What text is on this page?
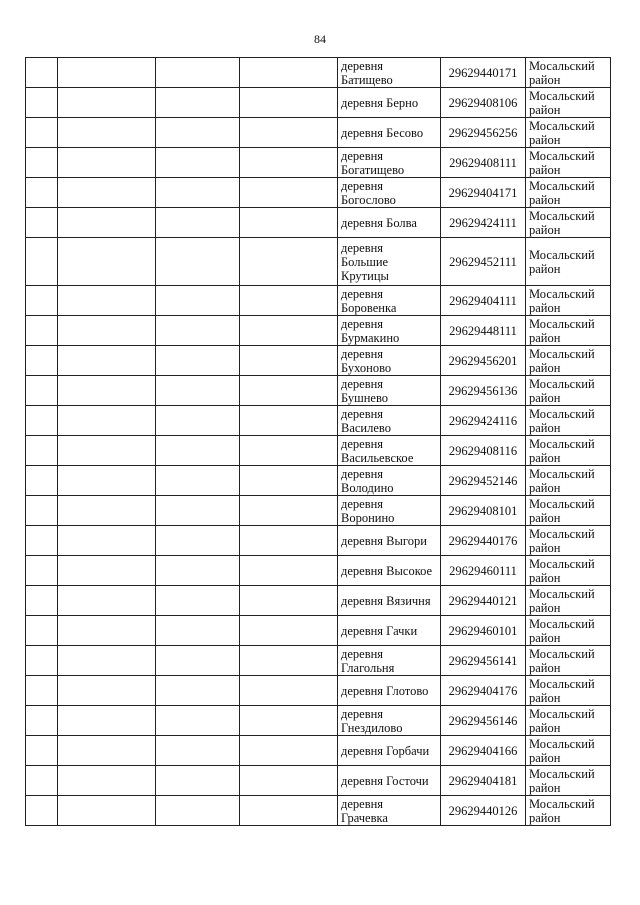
84

				деревня
Батищево	29629440171	Мосальский
район

				деревня Берно	29629408106	Мосальский
район

				деревня Бесово	29629456256	Мосальский
район

				деревня
Богатищево	29629408111	Мосальский
район

				деревня
Богослово	29629404171	Мосальский
район

				деревня Болва	29629424111	Мосальский
район

				деревня
Большие
Крутицы	29629452111	Мосальский
район

				деревня
Боровенка	29629404111	Мосальский
район

				деревня
Бурмакино	29629448111	Мосальский
район

				деревня
Бухоново	29629456201	Мосальский
район

				деревня
Бушнево	29629456136	Мосальский
район

				деревня
Василево	29629424116	Мосальский
район

				деревня
Васильевское	29629408116	Мосальский
район

				деревня
Володино	29629452146	Мосальский
район

				деревня
Воронино	29629408101	Мосальский
район

				деревня Выгори	29629440176	Мосальский
район

				деревня Высокое	29629460111	Мосальский
район

				деревня Вязичня	29629440121	Мосальский
район

				деревня Гачки	29629460101	Мосальский
район

				деревня
Глагольня	29629456141	Мосальский
район

				деревня Глотово	29629404176	Мосальский
район

				деревня
Гнездилово	29629456146	Мосальский
район

				деревня Горбачи	29629404166	Мосальский
район

				деревня Госточи	29629404181	Мосальский
район

				деревня
Грачевка	29629440126	Мосальский
район
